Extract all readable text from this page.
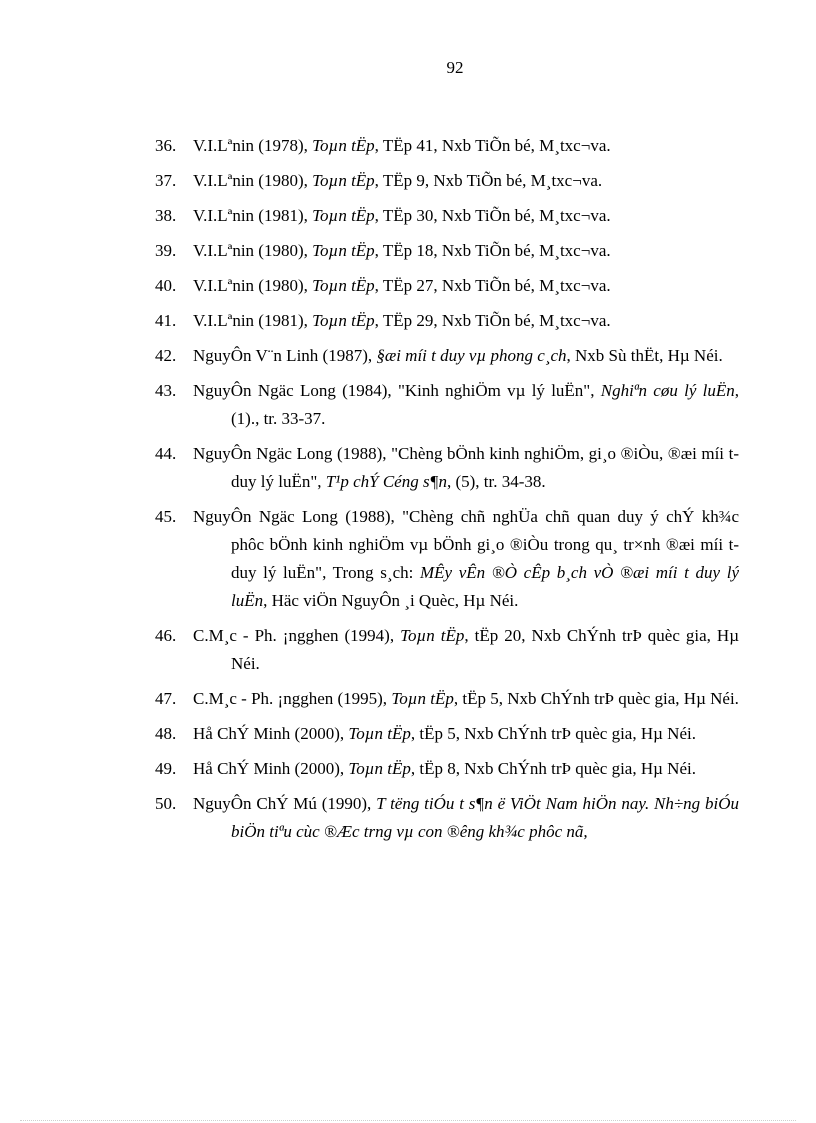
92
36. V.I.Lªnin (1978), Toµn tËp, TËp 41, Nxb TiÕn bé, M¸txc¬va.
37. V.I.Lªnin (1980), Toµn tËp, TËp 9, Nxb TiÕn bé, M¸txc¬va.
38. V.I.Lªnin (1981), Toµn tËp, TËp 30, Nxb TiÕn bé, M¸txc¬va.
39. V.I.Lªnin (1980), Toµn tËp, TËp 18, Nxb TiÕn bé, M¸txc¬va.
40. V.I.Lªnin (1980), Toµn tËp, TËp 27, Nxb TiÕn bé, M¸txc¬va.
41. V.I.Lªnin (1981), Toµn tËp, TËp 29, Nxb TiÕn bé, M¸txc¬va.
42. NguyÔn V¨n Linh (1987), §æi míi t duy vµ phong c¸ch, Nxb Sù thËt, Hµ Néi.
43. NguyÔn Ngäc Long (1984), "Kinh nghiÖm vµ lý luËn", Nghiªn cøu lý luËn, (1)., tr. 33-37.
44. NguyÔn Ngäc Long (1988), "Chèng bÖnh kinh nghiÖm, gi¸o ®iÒu, ®æi míi t duy lý luËn", T¹p chÝ Céng s¶n, (5), tr. 34-38.
45. NguyÔn Ngäc Long (1988), "Chèng chñ nghÜa chñ quan duy ý chÝ kh¾c phôc bÖnh kinh nghiÖm vµ bÖnh gi¸o ®iÒu trong qu¸ tr×nh ®æi míi t duy lý luËn", Trong s¸ch: MÊy vÊn ®Ò cÊp b¸ch vÒ ®æi míi t duy lý luËn, Häc viÖn NguyÔn ¸i Quèc, Hµ Néi.
46. C.M¸c - Ph. ¡ngghen (1994), Toµn tËp, tËp 20, Nxb ChÝnh trÞ quèc gia, Hµ Néi.
47. C.M¸c - Ph. ¡ngghen (1995), Toµn tËp, tËp 5, Nxb ChÝnh trÞ quèc gia, Hµ Néi.
48. Hå ChÝ Minh (2000), Toµn tËp, tËp 5, Nxb ChÝnh trÞ quèc gia, Hµ Néi.
49. Hå ChÝ Minh (2000), Toµn tËp, tËp 8, Nxb ChÝnh trÞ quèc gia, Hµ Néi.
50. NguyÔn ChÝ Mú (1990), T tëng tiÓu t s¶n ë ViÖt Nam hiÖn nay. Nh÷ng biÓu biÖn tiªu cùc ®Æc trng vµ con ®êng kh¾c phôc nã,
